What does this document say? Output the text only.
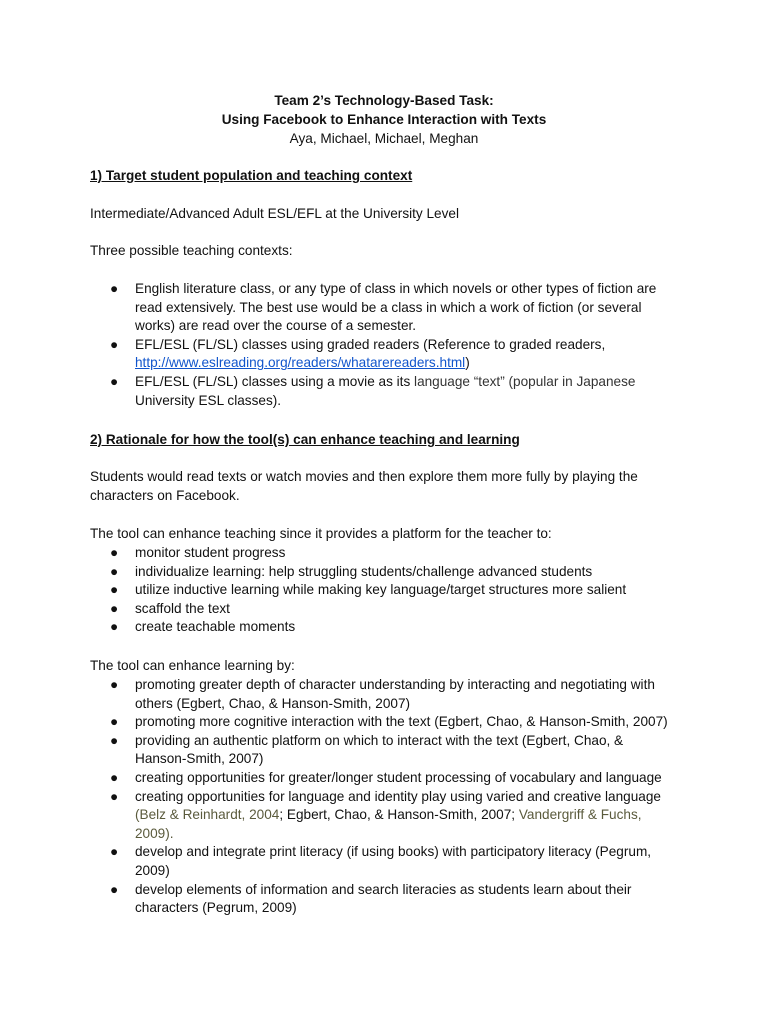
Team 2’s Technology-Based Task:
Using Facebook to Enhance Interaction with Texts
Aya, Michael, Michael, Meghan
1) Target student population and teaching context
Intermediate/Advanced Adult ESL/EFL at the University Level
Three possible teaching contexts:
● English literature class, or any type of class in which novels or other types of fiction are read extensively. The best use would be a class in which a work of fiction (or several works) are read over the course of a semester.
● EFL/ESL (FL/SL) classes using graded readers (Reference to graded readers, http://www.eslreading.org/readers/whatarereaders.html)
● EFL/ESL (FL/SL) classes using a movie as its language “text” (popular in Japanese
University ESL classes).
2) Rationale for how the tool(s) can enhance teaching and learning
Students would read texts or watch movies and then explore them more fully by playing the characters on Facebook.
The tool can enhance teaching since it provides a platform for the teacher to:
● monitor student progress
● individualize learning: help struggling students/challenge advanced students
● utilize inductive learning while making key language/target structures more salient
● scaffold the text
● create teachable moments
The tool can enhance learning by:
● promoting greater depth of character understanding by interacting and negotiating with others (Egbert, Chao, & Hanson-Smith, 2007)
● promoting more cognitive interaction with the text (Egbert, Chao, & Hanson-Smith, 2007)
● providing an authentic platform on which to interact with the text (Egbert, Chao, & Hanson-Smith, 2007)
● creating opportunities for greater/longer student processing of vocabulary and language
● creating opportunities for language and identity play using varied and creative language
(Belz & Reinhardt, 2004; Egbert, Chao, & Hanson-Smith, 2007; Vandergriff & Fuchs, 2009).
● develop and integrate print literacy (if using books) with participatory literacy (Pegrum, 2009)
● develop elements of information and search literacies as students learn about their characters (Pegrum, 2009)
